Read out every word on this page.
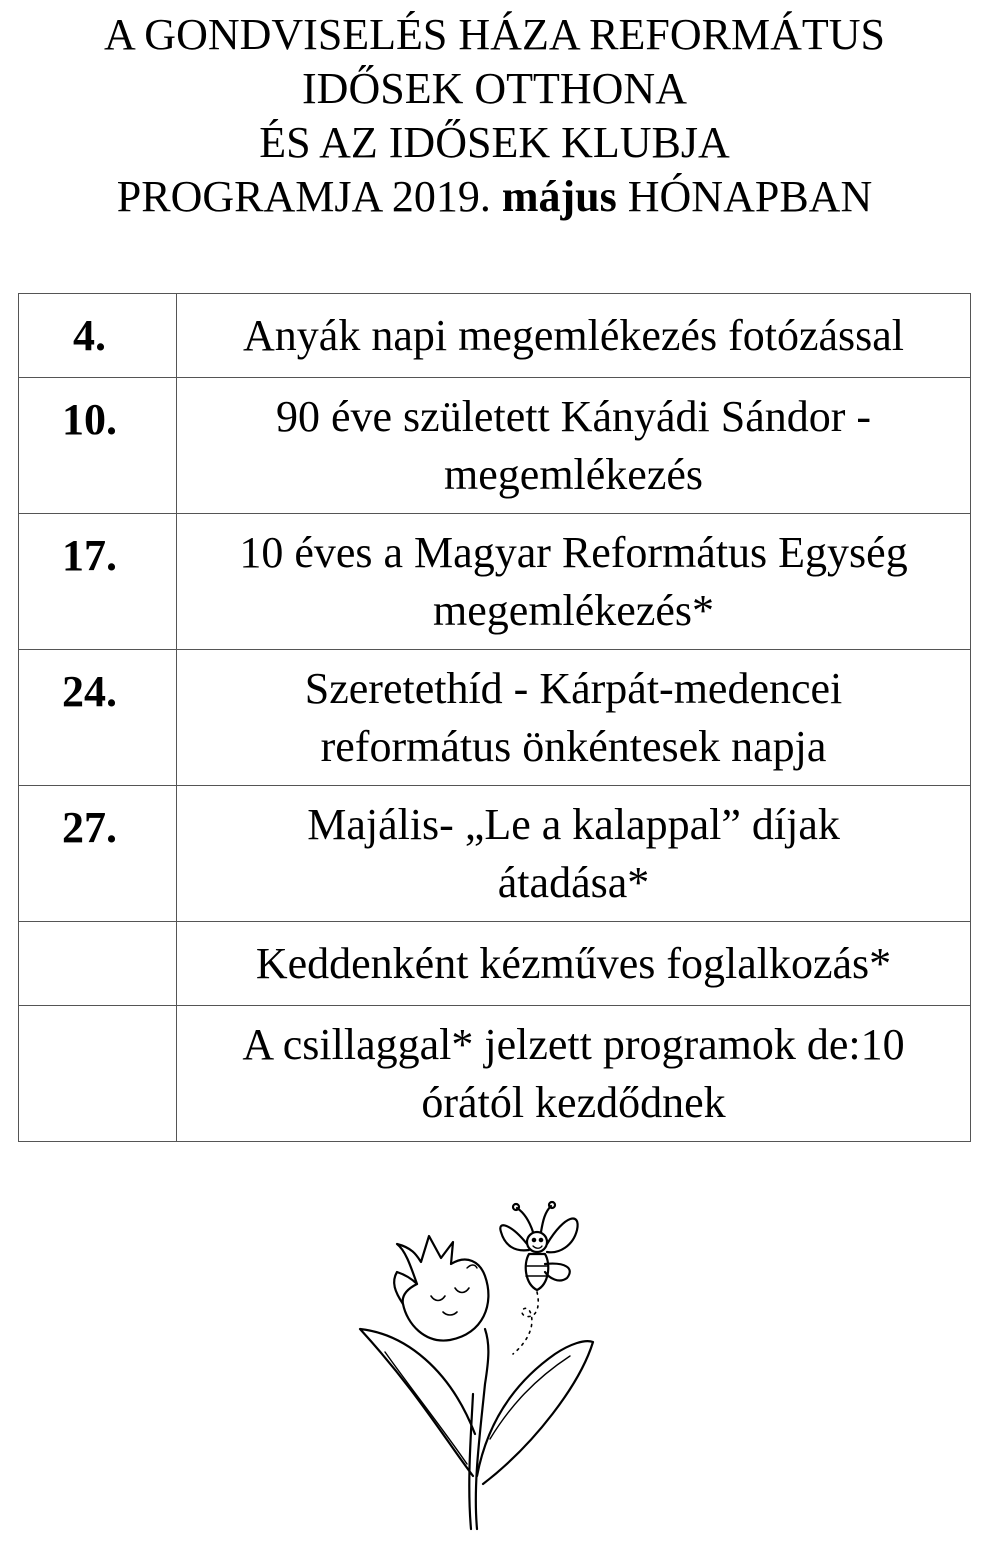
A GONDVISELÉS HÁZA REFORMÁTUS
IDŐSEK OTTHONA
ÉS AZ IDŐSEK KLUBJA
PROGRAMJA 2019. május HÓNAPBAN
4.	Anyák napi megemlékezés fotózással
10.	90 éve született Kányádi Sándor -
megemlékezés
17.	10 éves a Magyar Református Egység
megemlékezés*
24.	Szeretethíd - Kárpát-medencei
református önkéntesek napja
27.	Majális- „Le a kalappal” díjak
átadása*
	Keddenként kézműves foglalkozás*
	A csillaggal* jelzett programok de:10
órától kezdődnek
